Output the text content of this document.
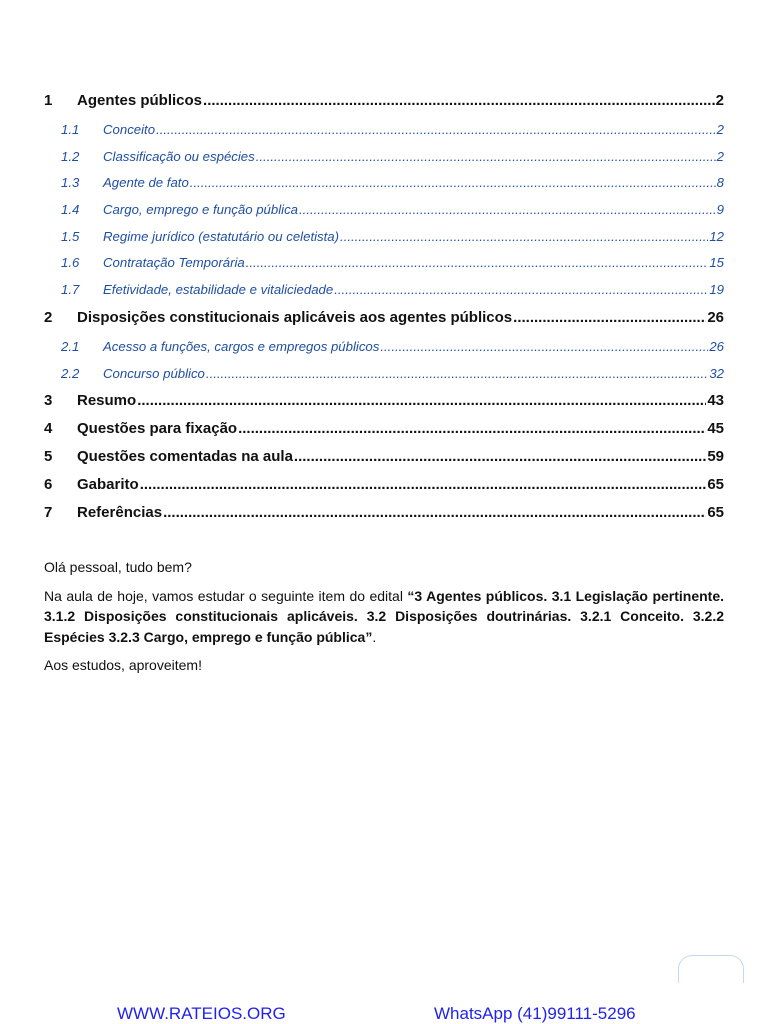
1	Agentes públicos .....	2
1.1	Conceito .....	2
1.2	Classificação ou espécies .....	2
1.3	Agente de fato .....	8
1.4	Cargo, emprego e função pública .....	9
1.5	Regime jurídico (estatutário ou celetista) .....	12
1.6	Contratação Temporária .....	15
1.7	Efetividade, estabilidade e vitaliciedade .....	19
2	Disposições constitucionais aplicáveis aos agentes públicos .....	26
2.1	Acesso a funções, cargos e empregos públicos .....	26
2.2	Concurso público .....	32
3	Resumo .....	43
4	Questões para fixação .....	45
5	Questões comentadas na aula .....	59
6	Gabarito .....	65
7	Referências .....	65

Olá pessoal, tudo bem?

Na aula de hoje, vamos estudar o seguinte item do edital “3 Agentes públicos. 3.1 Legislação pertinente. 3.1.2 Disposições constitucionais aplicáveis. 3.2 Disposições doutrinárias. 3.2.1 Conceito. 3.2.2 Espécies 3.2.3 Cargo, emprego e função pública”.

Aos estudos, aproveitem!

WWW.RATEIOS.ORG	WhatsApp (41)99111-5296
